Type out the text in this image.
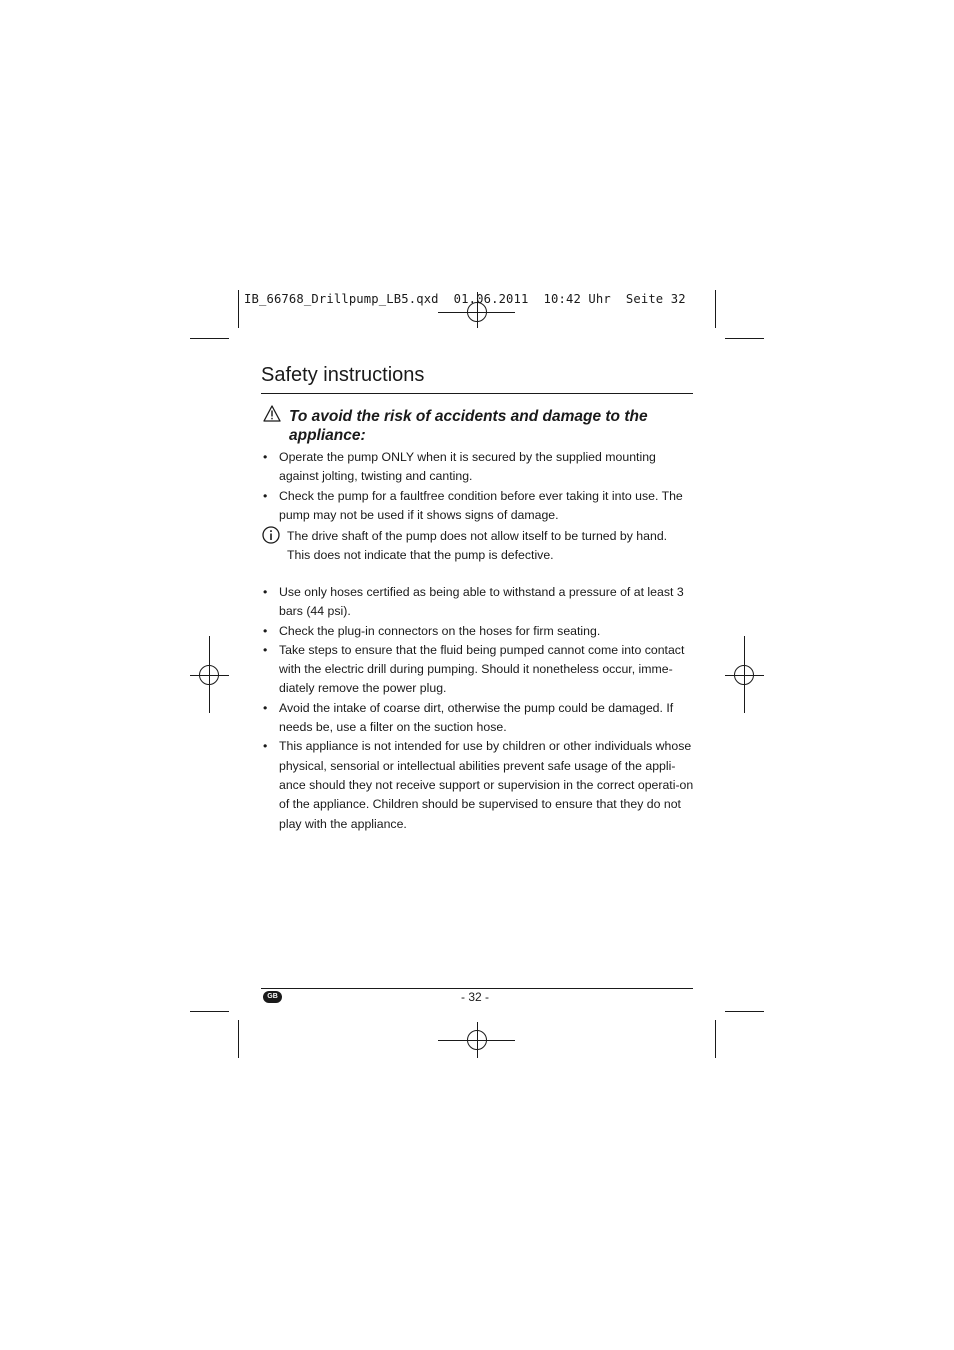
IB_66768_Drillpump_LB5.qxd  01.06.2011  10:42 Uhr  Seite 32
Safety instructions
To avoid the risk of accidents and damage to the appliance:
• Operate the pump ONLY when it is secured by the supplied mounting against jolting, twisting and canting.
• Check the pump for a faultfree condition before ever taking it into use. The pump may not be used if it shows signs of damage.
The drive shaft of the pump does not allow itself to be turned by hand. This does not indicate that the pump is defective.
• Use only hoses certified as being able to withstand a pressure of at least 3 bars (44 psi).
• Check the plug-in connectors on the hoses for firm seating.
• Take steps to ensure that the fluid being pumped cannot come into contact with the electric drill during pumping. Should it nonetheless occur, imme-diately remove the power plug.
• Avoid the intake of coarse dirt, otherwise the pump could be damaged. If needs be, use a filter on the suction hose.
• This appliance is not intended for use by children or other individuals whose physical, sensorial or intellectual abilities prevent safe usage of the appli-ance should they not receive support or supervision in the correct operati-on of the appliance. Children should be supervised to ensure that they do not play with the appliance.
GB	- 32 -
